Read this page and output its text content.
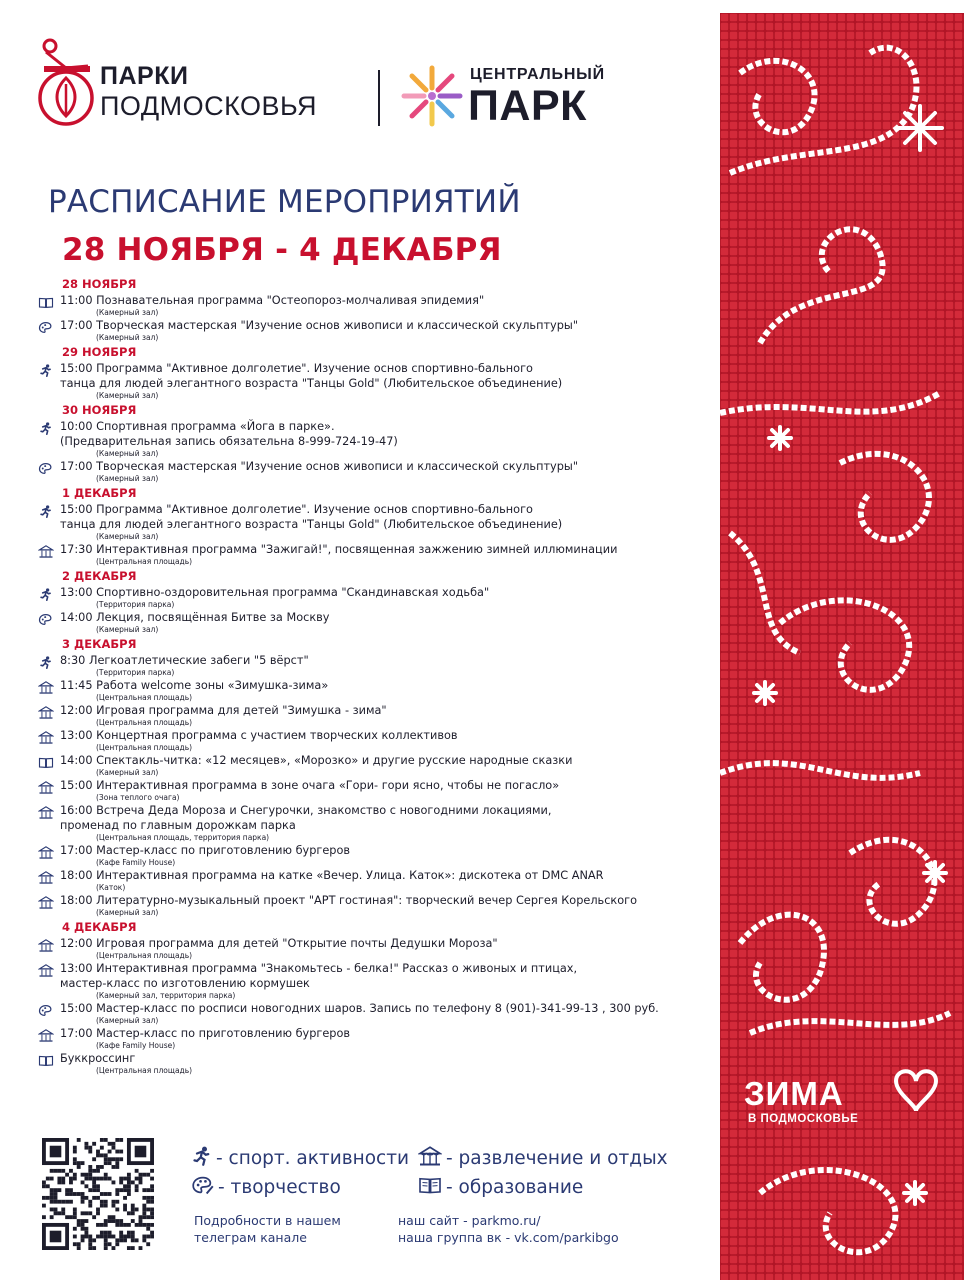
ПАРКИ
ПОДМОСКОВЬЯ
ЦЕНТРАЛЬНЫЙ
ПАРК
РАСПИСАНИЕ МЕРОПРИЯТИЙ
28 НОЯБРЯ - 4 ДЕКАБРЯ
28 НОЯБРЯ
11:00 Познавательная программа "Остеопороз-молчаливая эпидемия"
(Камерный зал)
17:00 Творческая мастерская "Изучение основ живописи и классической скульптуры"
(Камерный зал)
29 НОЯБРЯ
15:00 Программа "Активное долголетие". Изучение основ спортивно-бального
танца для людей элегантного возраста "Танцы Gold" (Любительское объединение)
(Камерный зал)
30 НОЯБРЯ
10:00 Спортивная программа «Йога в парке».
(Предварительная запись обязательна 8-999-724-19-47)
(Камерный зал)
17:00 Творческая мастерская "Изучение основ живописи и классической скульптуры"
(Камерный зал)
1 ДЕКАБРЯ
15:00 Программа "Активное долголетие". Изучение основ спортивно-бального
танца для людей элегантного возраста "Танцы Gold" (Любительское объединение)
(Камерный зал)
17:30 Интерактивная программа "Зажигай!", посвященная зажжению зимней иллюминации
(Центральная площадь)
2 ДЕКАБРЯ
13:00 Спортивно-оздоровительная программа "Скандинавская ходьба"
(Территория парка)
14:00 Лекция, посвящённая Битве за Москву
(Камерный зал)
3 ДЕКАБРЯ
8:30 Легкоатлетические забеги "5 вёрст"
(Территория парка)
11:45 Работа welcome зоны «Зимушка-зима»
(Центральная площадь)
12:00 Игровая программа для детей "Зимушка - зима"
(Центральная площадь)
13:00 Концертная программа с участием творческих коллективов
(Центральная площадь)
14:00 Спектакль-читка: «12 месяцев», «Морозко» и другие русские народные сказки
(Камерный зал)
15:00 Интерактивная программа в зоне очага «Гори- гори ясно, чтобы не погасло»
(Зона теплого очага)
16:00 Встреча Деда Мороза и Снегурочки, знакомство с новогодними локациями,
променад по главным дорожкам парка
(Центральная площадь, территория парка)
17:00 Мастер-класс по приготовлению бургеров
(Кафе Family House)
18:00 Интерактивная программа на катке «Вечер. Улица. Каток»: дискотека от DMC ANAR
(Каток)
18:00 Литературно-музыкальный проект "АРТ гостиная": творческий вечер Сергея Корельского
(Камерный зал)
4 ДЕКАБРЯ
12:00 Игровая программа для детей "Открытие почты Дедушки Мороза"
(Центральная площадь)
13:00 Интерактивная программа "Знакомьтесь - белка!" Рассказ о живоных и птицах,
мастер-класс по изготовлению кормушек
(Камерный зал, территория парка)
15:00 Мастер-класс по росписи новогодних шаров. Запись по телефону 8 (901)-341-99-13 , 300 руб.
(Камерный зал)
17:00 Мастер-класс по приготовлению бургеров
(Кафе Family House)
Буккроссинг
(Центральная площадь)
- спорт. активности
- творчество
- развлечение и отдых
- образование
Подробности в нашем
телеграм канале
наш сайт - parkmo.ru/
наша группа вк - vk.com/parkibgo
ЗИМА
В ПОДМОСКОВЬЕ
